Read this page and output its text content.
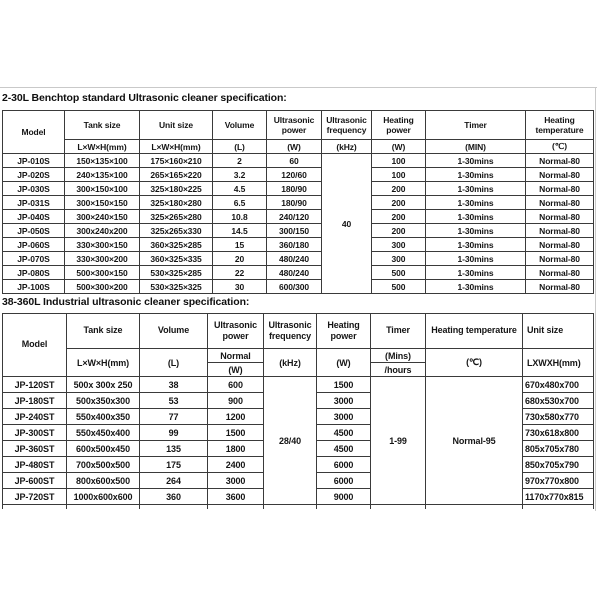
2-30L Benchtop standard Ultrasonic cleaner specification:
Model	Tank size	Unit size	Volume	Ultrasonic power	Ultrasonic frequency	Heating power	Timer	Heating temperature
	L×W×H(mm)	L×W×H(mm)	(L)	(W)	(kHz)	(W)	(MIN)	(℃)
JP-010S	150×135×100	175×160×210	2	60	40	100	1-30mins	Normal-80
JP-020S	240×135×100	265×165×220	3.2	120/60		100	1-30mins	Normal-80
JP-030S	300×150×100	325×180×225	4.5	180/90		200	1-30mins	Normal-80
JP-031S	300×150×150	325×180×280	6.5	180/90		200	1-30mins	Normal-80
JP-040S	300×240×150	325×265×280	10.8	240/120		200	1-30mins	Normal-80
JP-050S	300x240x200	325x265x330	14.5	300/150		200	1-30mins	Normal-80
JP-060S	330×300×150	360×325×285	15	360/180		300	1-30mins	Normal-80
JP-070S	330×300×200	360×325×335	20	480/240		300	1-30mins	Normal-80
JP-080S	500×300×150	530×325×285	22	480/240		500	1-30mins	Normal-80
JP-100S	500×300×200	530×325×325	30	600/300		500	1-30mins	Normal-80
38-360L Industrial ultrasonic cleaner specification:
Model	Tank size	Volume	Ultrasonic power	Ultrasonic frequency	Heating power	Timer	Heating temperature	Unit size	
	L×W×H(mm)	(L)	Normal	(kHz)	(W)	(Mins)	(℃)	LXWXH(mm)	
			(W)			/hours			
JP-120ST	500x 300x 250	38	600	28/40	1500	1-99	Normal-95	670x480x700	
JP-180ST	500x350x300	53	900		3000			680x530x700	
JP-240ST	550x400x350	77	1200		3000			730x580x770	
JP-300ST	550x450x400	99	1500		4500			730x618x800	
JP-360ST	600x500x450	135	1800		4500			805x705x780	
JP-480ST	700x500x500	175	2400		6000			850x705x790	
JP-600ST	800x600x500	264	3000		6000			970x770x800	
JP-720ST	1000x600x600	360	3600		9000			1170x770x815	
